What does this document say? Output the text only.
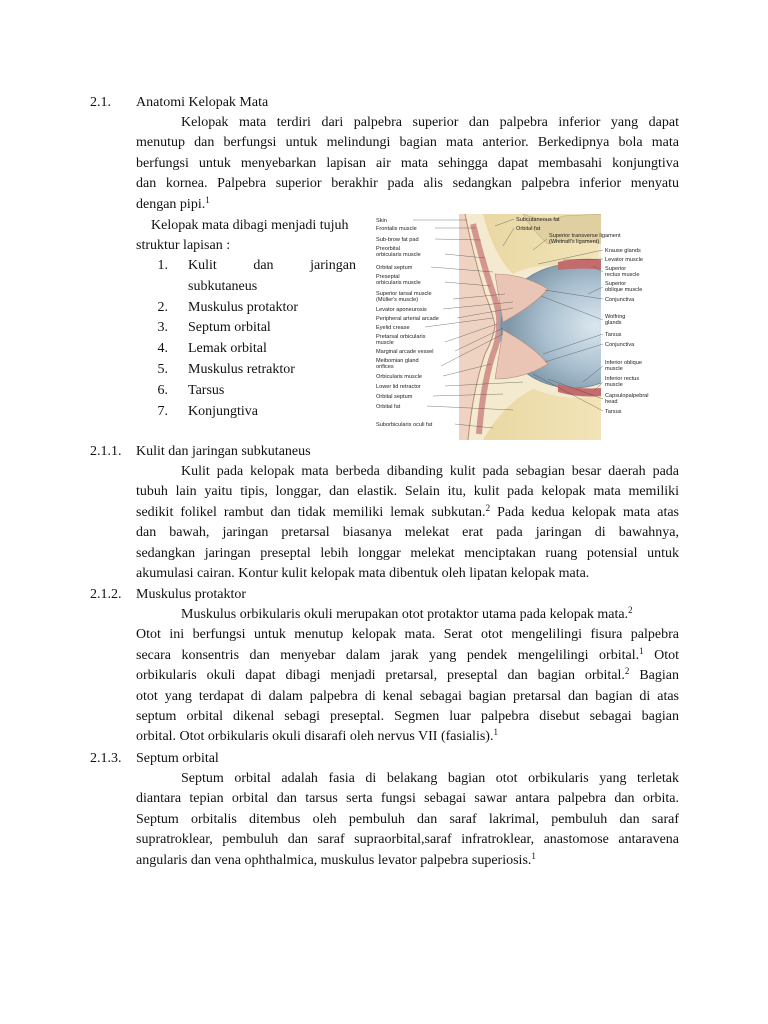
2.1. Anatomi Kelopak Mata

Kelopak mata terdiri dari palpebra superior dan palpebra inferior yang dapat

menutup dan berfungsi untuk melindungi bagian mata anterior. Berkedipnya bola mata

berfungsi untuk menyebarkan lapisan air mata sehingga dapat membasahi konjungtiva

dan kornea. Palpebra superior berakhir pada alis sedangkan palpebra inferior menyatu

dengan pipi.$^1$

Kelopak mata dibagi menjadi tujuh
struktur lapisan :
1.	Kulit	dan	jaringan
subkutaneus
2.	Muskulus protaktor
3.	Septum orbital
4.	Lemak orbital
5.	Muskulus retraktor
6.	Tarsus
7.	Konjungtiva
Skin
Frontalis muscle
Sub-brow fat pad
Preorbital
orbicularis muscle
Orbital septum
Preseptal
orbicularis muscle
Superior tarsal muscle
(Müller's muscle)
Levator aponeurosis
Peripheral arterial arcade
Eyelid crease
Pretarsal orbicularis
muscle
Marginal arcade vessel
Meibomian gland
orifices
Orbicularis muscle
Lower lid retractor
Orbital septum
Orbital fat
Suborbicularis oculi fat
Subcutaneous fat
Orbital fat
Superior transverse ligament
(Whitnall's ligament)
Krause glands
Levator muscle
Superior
rectus muscle
Superior
oblique muscle
Conjunctiva
Wolfring
glands
Tarsus
Conjunctiva
Inferior oblique
muscle
Inferior rectus
muscle
Capsulopalpebral
head
Tarsus
2.1.1. Kulit dan jaringan subkutaneus

Kulit pada kelopak mata berbeda dibanding kulit pada sebagian besar daerah pada

tubuh lain yaitu tipis, longgar, dan elastik. Selain itu, kulit pada kelopak mata memiliki

sedikit folikel rambut dan tidak memiliki lemak subkutan.$^2$ Pada kedua kelopak mata atas

dan bawah, jaringan pretarsal biasanya melekat erat pada jaringan di bawahnya,

sedangkan jaringan preseptal lebih longgar melekat menciptakan ruang potensial untuk

akumulasi cairan. Kontur kulit kelopak mata dibentuk oleh lipatan kelopak mata.

2.1.2. Muskulus protaktor

Muskulus orbikularis okuli merupakan otot protaktor utama pada kelopak mata.$^2$

Otot ini berfungsi untuk menutup kelopak mata. Serat otot mengelilingi fisura palpebra

secara konsentris dan menyebar dalam jarak yang pendek mengelilingi orbital.$^1$ Otot

orbikularis okuli dapat dibagi menjadi pretarsal, preseptal dan bagian orbital.$^2$ Bagian

otot yang terdapat di dalam palpebra di kenal sebagai bagian pretarsal dan bagian di atas

septum orbital dikenal sebagi preseptal. Segmen luar palpebra disebut sebagai bagian

orbital. Otot orbikularis okuli disarafi oleh nervus VII (fasialis).$^1$

2.1.3. Septum orbital

Septum orbital adalah fasia di belakang bagian otot orbikularis yang terletak

diantara tepian orbital dan tarsus serta fungsi sebagai sawar antara palpebra dan orbita.

Septum orbitalis ditembus oleh pembuluh dan saraf lakrimal, pembuluh dan saraf

supratroklear, pembuluh dan saraf supraorbital,saraf infratroklear, anastomose antaravena

angularis dan vena ophthalmica, muskulus levator palpebra superiosis.$^1$
